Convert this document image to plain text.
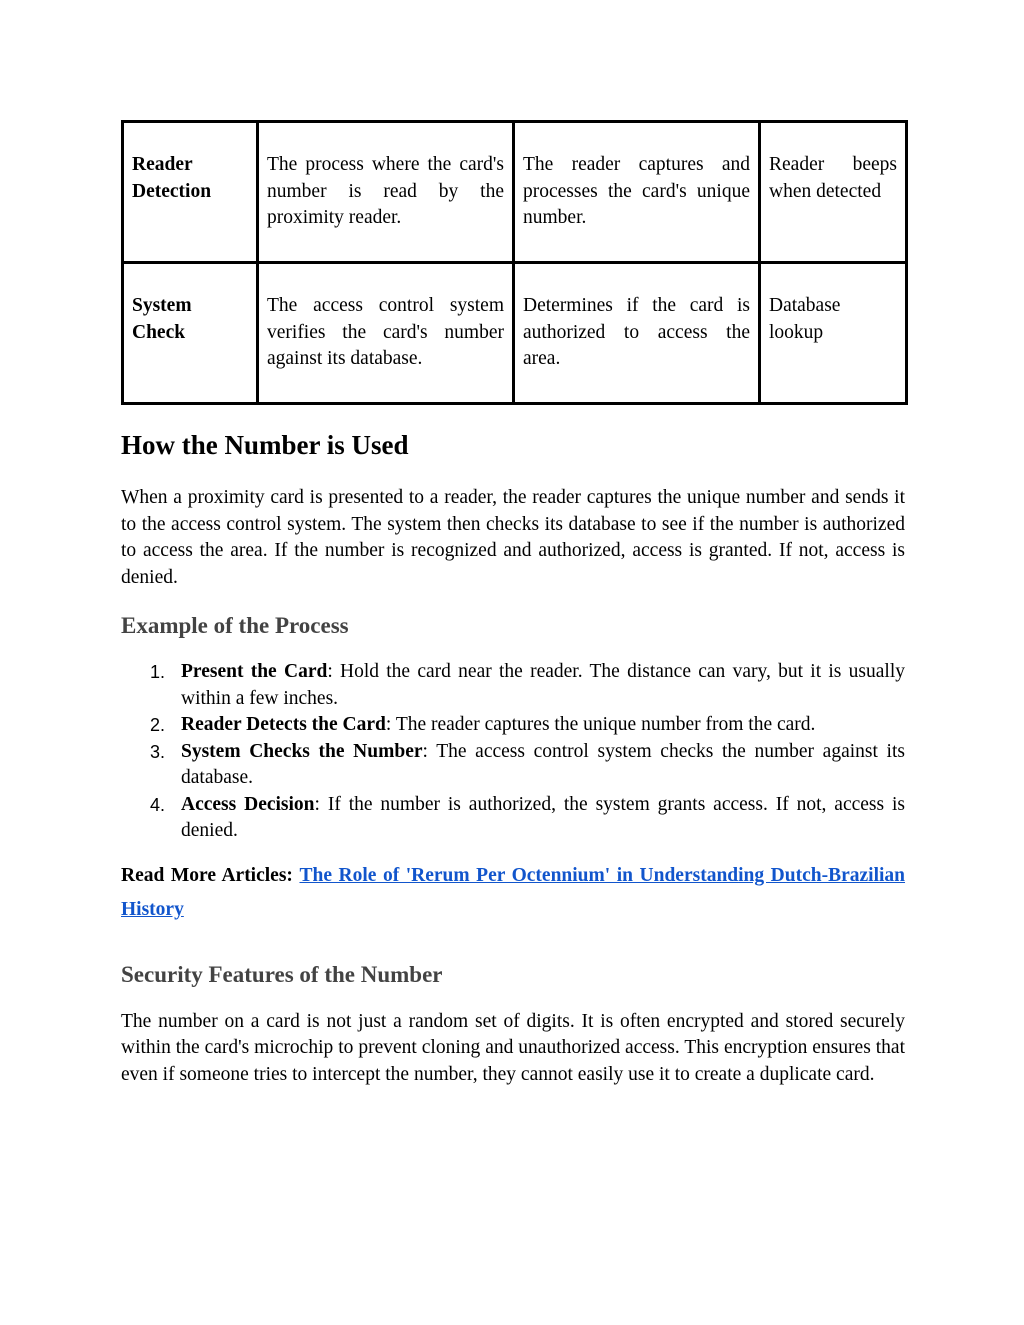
Reader Detection	The process where the card's number is read by the proximity reader.	The reader captures and processes the card's unique number.	Reader beeps when detected
System Check	The access control system verifies the card's number against its database.	Determines if the card is authorized to access the area.	Database lookup
How the Number is Used

When a proximity card is presented to a reader, the reader captures the unique number and sends it to the access control system. The system then checks its database to see if the number is authorized to access the area. If the number is recognized and authorized, access is granted. If not, access is denied.

Example of the Process
1. Present the Card: Hold the card near the reader. The distance can vary, but it is usually within a few inches.
2. Reader Detects the Card: The reader captures the unique number from the card.
3. System Checks the Number: The access control system checks the number against its database.
4. Access Decision: If the number is authorized, the system grants access. If not, access is denied.

Read More Articles: The Role of 'Rerum Per Octennium' in Understanding Dutch-Brazilian History

Security Features of the Number

The number on a card is not just a random set of digits. It is often encrypted and stored securely within the card's microchip to prevent cloning and unauthorized access. This encryption ensures that even if someone tries to intercept the number, they cannot easily use it to create a duplicate card.
